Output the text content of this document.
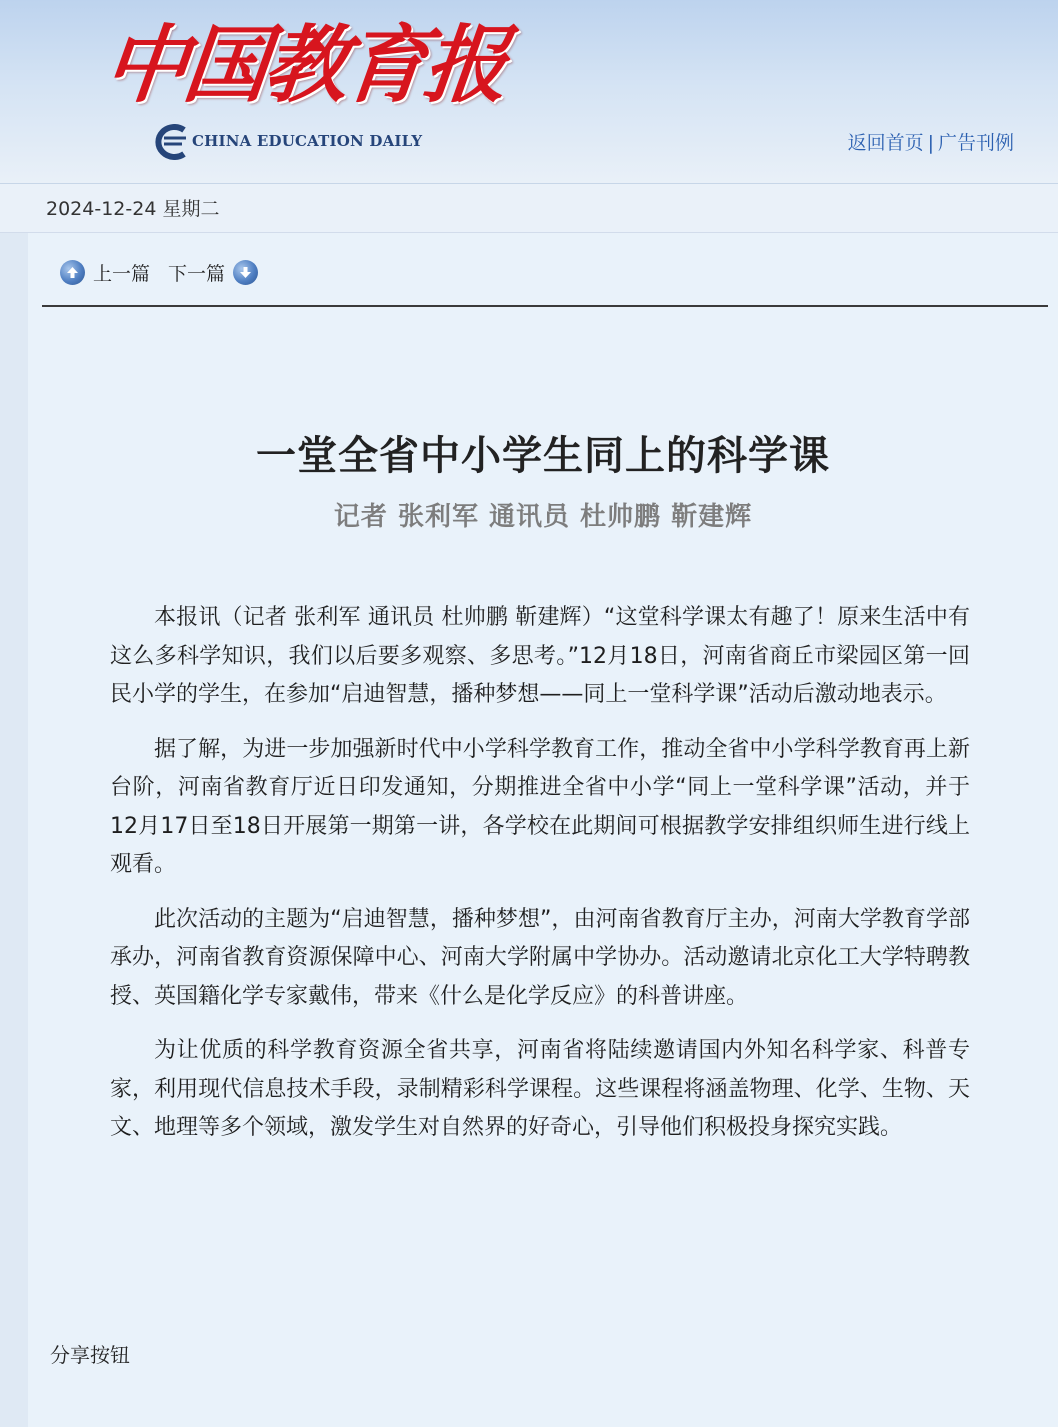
中国教育报
CHINA EDUCATION DAILY	返回首页 | 广告刊例
2024-12-24 星期二
上一篇 下一篇
一堂全省中小学生同上的科学课
记者 张利军 通讯员 杜帅鹏 靳建辉

本报讯（记者 张利军 通讯员 杜帅鹏 靳建辉）“这堂科学课太有趣了！原来生活中有这么多科学知识，我们以后要多观察、多思考。”12月18日，河南省商丘市梁园区第一回民小学的学生，在参加“启迪智慧，播种梦想——同上一堂科学课”活动后激动地表示。

据了解，为进一步加强新时代中小学科学教育工作，推动全省中小学科学教育再上新台阶，河南省教育厅近日印发通知，分期推进全省中小学“同上一堂科学课”活动，并于12月17日至18日开展第一期第一讲，各学校在此期间可根据教学安排组织师生进行线上观看。

此次活动的主题为“启迪智慧，播种梦想”，由河南省教育厅主办，河南大学教育学部承办，河南省教育资源保障中心、河南大学附属中学协办。活动邀请北京化工大学特聘教授、英国籍化学专家戴伟，带来《什么是化学反应》的科普讲座。

为让优质的科学教育资源全省共享，河南省将陆续邀请国内外知名科学家、科普专家，利用现代信息技术手段，录制精彩科学课程。这些课程将涵盖物理、化学、生物、天文、地理等多个领域，激发学生对自然界的好奇心，引导他们积极投身探究实践。

分享按钮
